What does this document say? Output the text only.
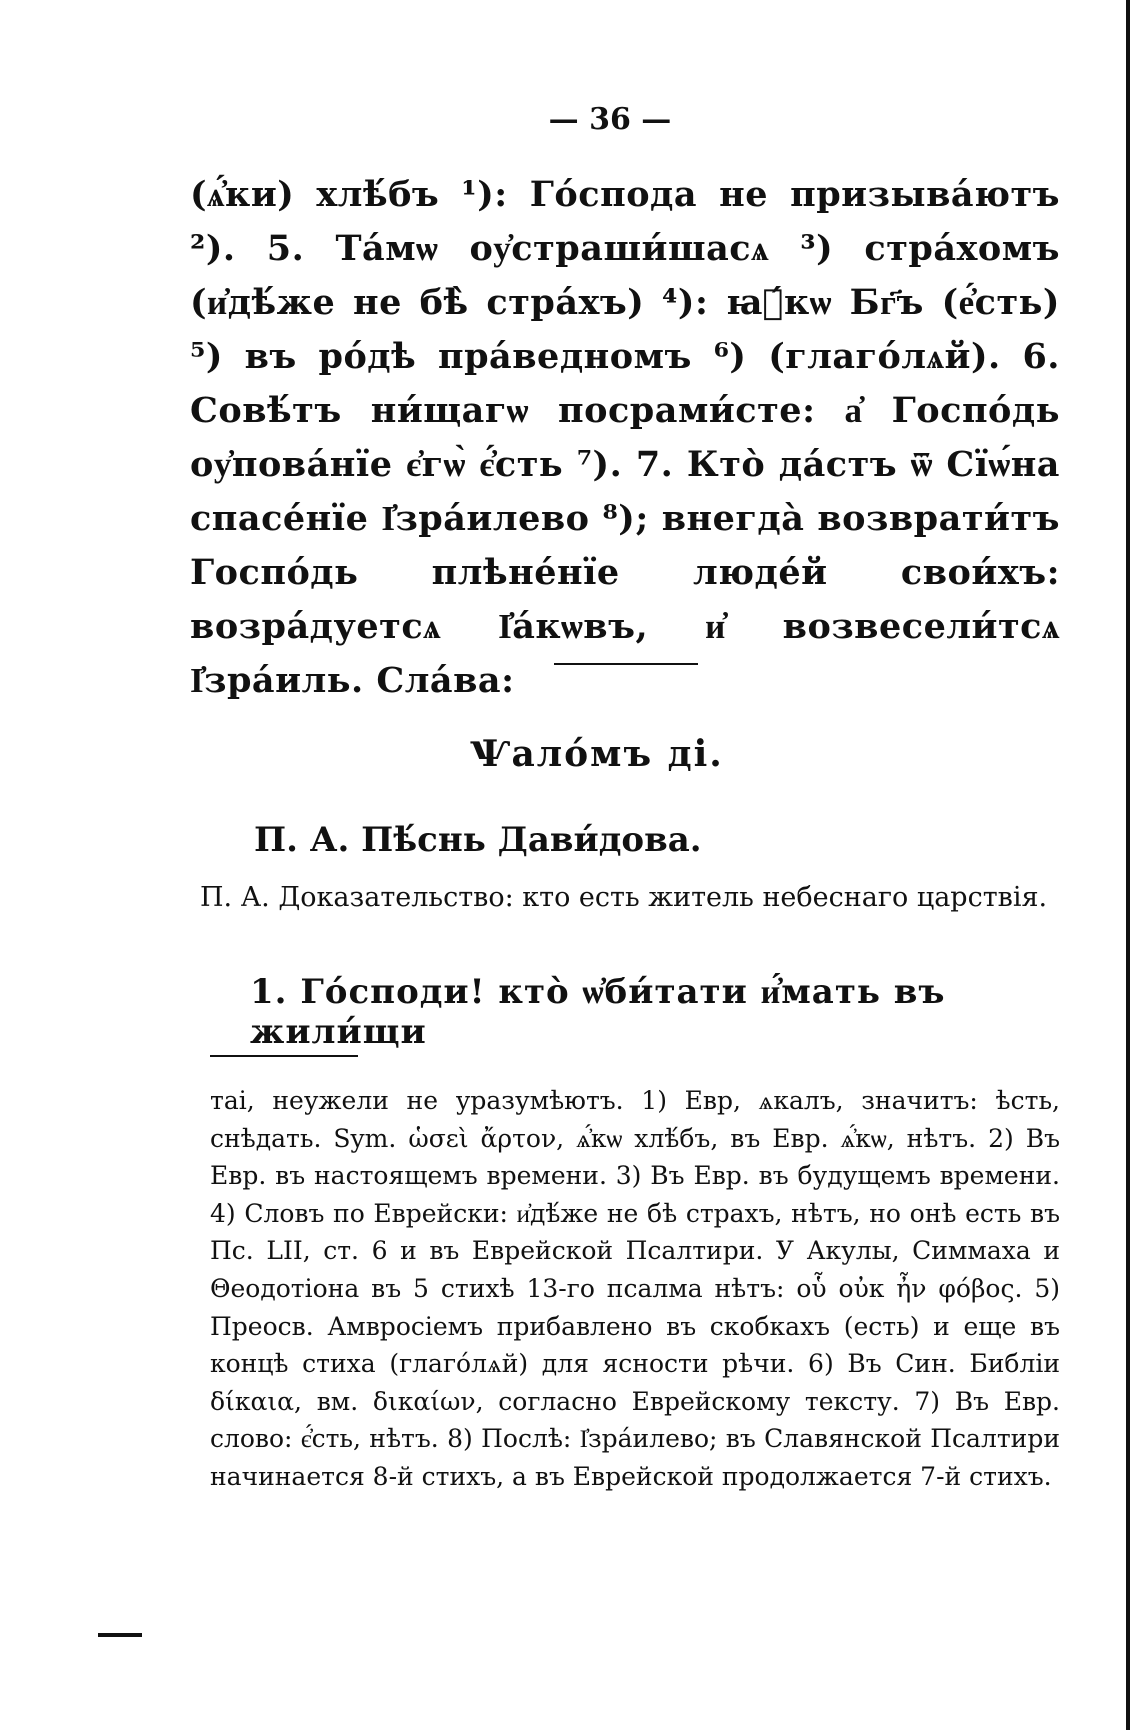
— 36 —
(ѧ҆́ки) хлѣ́бъ ¹): Го́спода не призыва́ютъ ²). 5. Та́мѡ оу҆страши́шасѧ ³) стра́хомъ (и҆дѣ́же не бѣ̀ стра́хъ) ⁴): ꙗ҆́кѡ Бг҃ъ (е҆́сть) ⁵) въ ро́дѣ пра́ведномъ ⁶) (глаго́лѧй). 6. Совѣ́тъ ни́щагѡ посрами́сте: а҆ Госпо́дь оу҆пова́нїе є҆гѡ̀ є҆́сть ⁷). 7. Кто̀ да́стъ ѿ Сїѡ́на спасе́нїе І҆зра́илево ⁸); внегда̀ возврати́тъ Госпо́дь плѣне́нїе люде́й свои́хъ: возра́дуетсѧ І҆а́кѡвъ, и҆ возвесели́тсѧ І҆зра́иль. Сла́ва:
Ѱало́мъ ді.
П. А. Пѣ́снь Дави́дова.
П. А. Доказательство: кто есть житель небеснаго царствія.
1. Го́споди! кто̀ ѡ҆би́тати и҆́мать въ жили́щи

таі, неужели не уразумѣютъ. 1) Евр, ѧкалъ, значитъ: ѣсть, снѣдать. Sym. ὡσεὶ ἄρτον, ѧ҆́кѡ хлѣ́бъ, въ Евр. ѧ҆́кѡ, нѣтъ. 2) Въ Евр. въ настоящемъ времени. 3) Въ Евр. въ будущемъ времени. 4) Словъ по Еврейски: и҆дѣ́же не бѣ страхъ, нѣтъ, но онѣ есть въ Пс. LII, ст. 6 и въ Еврейской Псалтири. У Акулы, Симмаха и Θеодотіона въ 5 стихѣ 13-го псалма нѣтъ: οὗ οὐκ ἦν φόβος. 5) Преосв. Амвросіемъ прибавлено въ скобкахъ (есть) и еще въ концѣ стиха (глаго́лѧй) для ясности рѣчи. 6) Въ Син. Библіи δίκαια, вм. δικαίων, согласно Еврейскому тексту. 7) Въ Евр. слово: є҆́сть, нѣтъ. 8) Послѣ: І҆зра́илево; въ Славянской Псалтири начинается 8-й стихъ, а въ Еврейской продолжается 7-й стихъ.
